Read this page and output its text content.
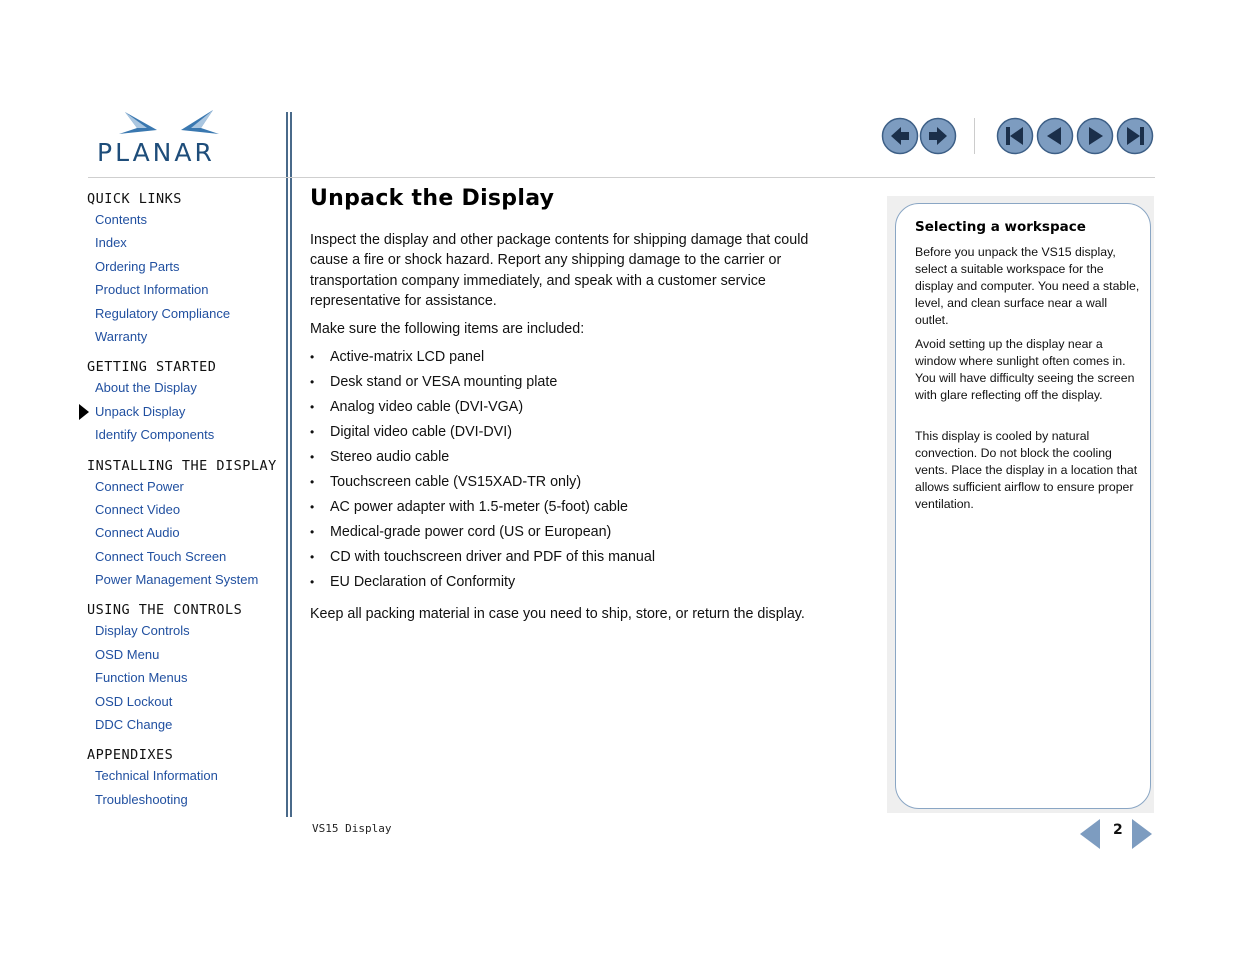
PLANAR
QUICK LINKS
Contents
Index
Ordering Parts
Product Information
Regulatory Compliance
Warranty
GETTING STARTED
About the Display
Unpack Display
Identify Components
INSTALLING THE DISPLAY
Connect Power
Connect Video
Connect Audio
Connect Touch Screen
Power Management System
USING THE CONTROLS
Display Controls
OSD Menu
Function Menus
OSD Lockout
DDC Change
APPENDIXES
Technical Information
Troubleshooting
Unpack the Display

Inspect the display and other package contents for shipping damage that could cause a fire or shock hazard. Report any shipping damage to the carrier or transportation company immediately, and speak with a customer service representative for assistance.

Make sure the following items are included:

• Active-matrix LCD panel
• Desk stand or VESA mounting plate
• Analog video cable (DVI-VGA)
• Digital video cable (DVI-DVI)
• Stereo audio cable
• Touchscreen cable (VS15XAD-TR only)
• AC power adapter with 1.5-meter (5-foot) cable
• Medical-grade power cord (US or European)
• CD with touchscreen driver and PDF of this manual
• EU Declaration of Conformity

Keep all packing material in case you need to ship, store, or return the display.

Selecting a workspace

Before you unpack the VS15 display, select a suitable workspace for the display and computer. You need a stable, level, and clean surface near a wall outlet.

Avoid setting up the display near a window where sunlight often comes in. You will have difficulty seeing the screen with glare reflecting off the display.

This display is cooled by natural convection. Do not block the cooling vents. Place the display in a location that allows sufficient airflow to ensure proper ventilation.

VS15 Display	2
